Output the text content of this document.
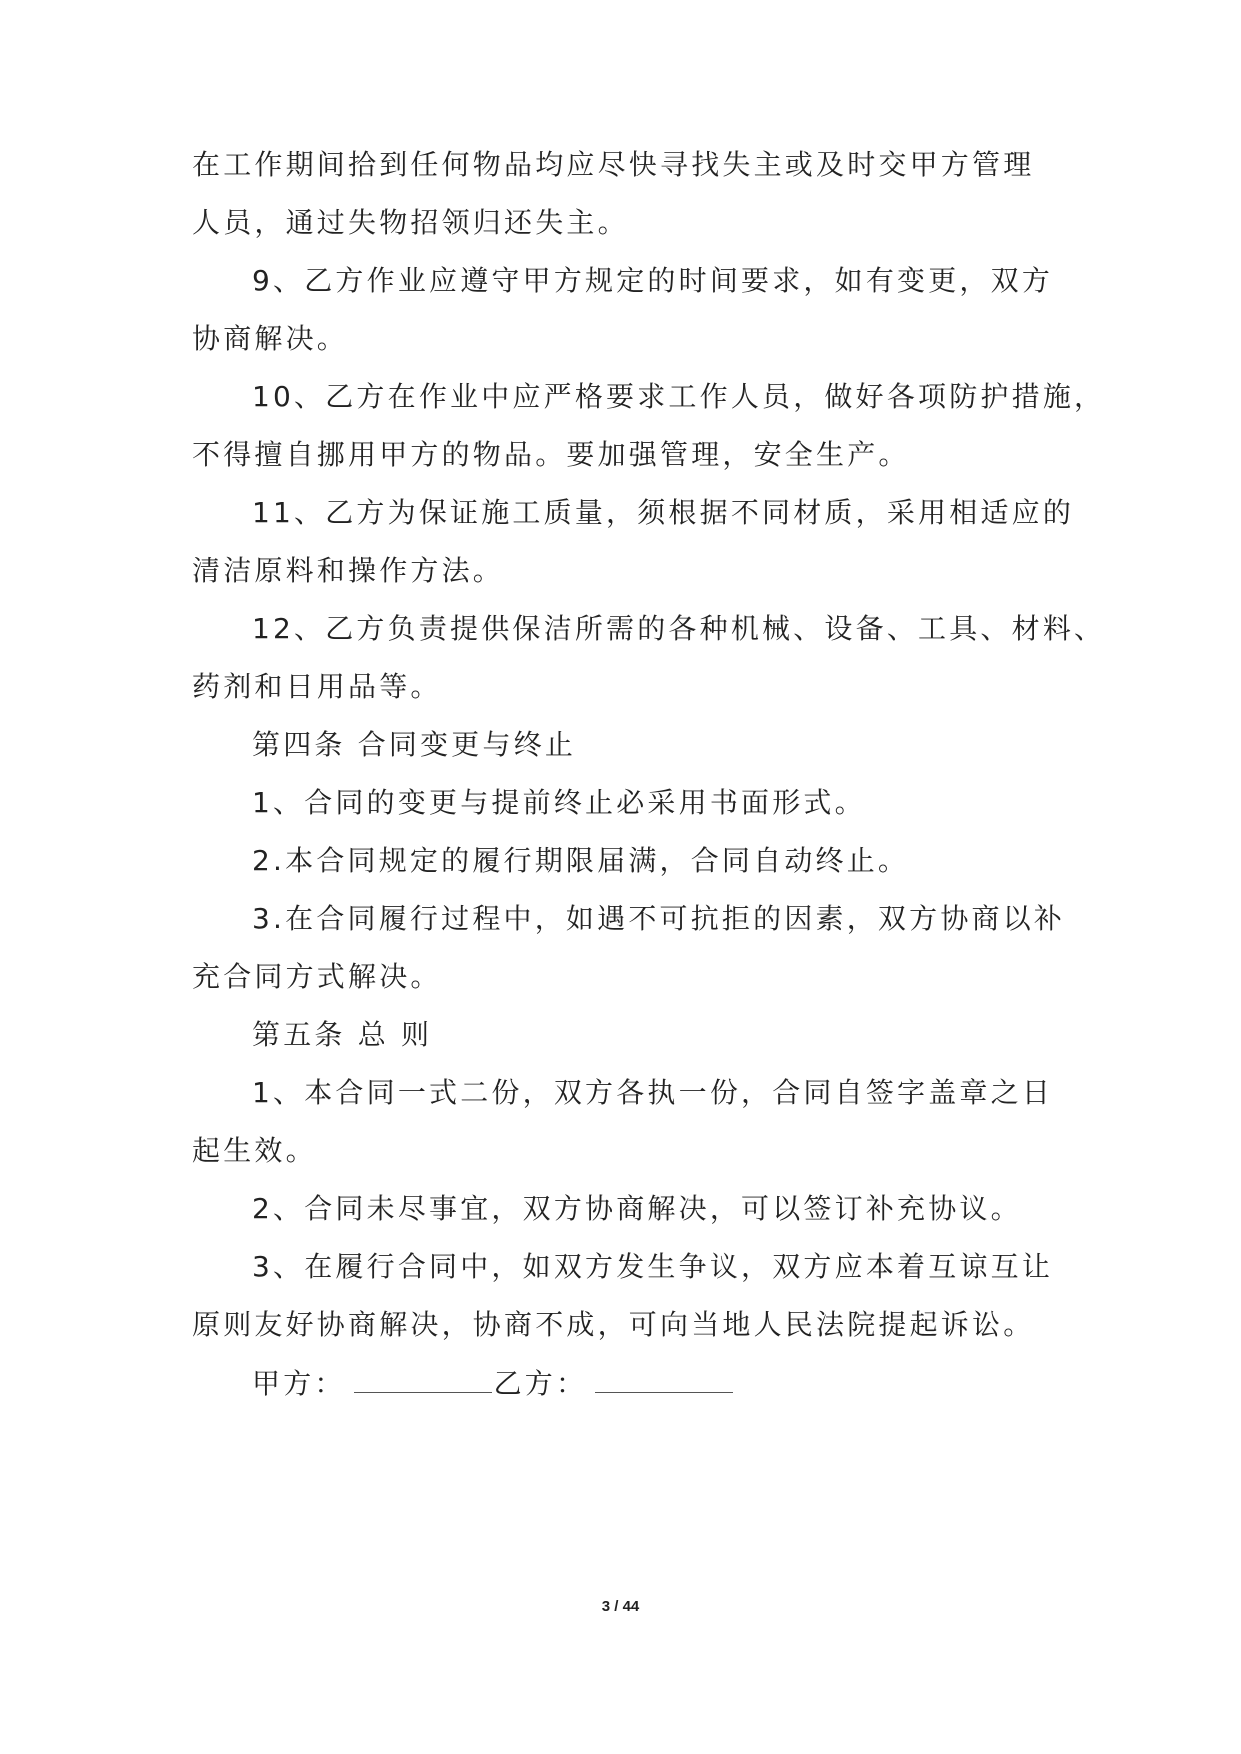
在工作期间拾到任何物品均应尽快寻找失主或及时交甲方管理
人员，通过失物招领归还失主。
9、乙方作业应遵守甲方规定的时间要求，如有变更，双方
协商解决。
10、乙方在作业中应严格要求工作人员，做好各项防护措施，
不得擅自挪用甲方的物品。要加强管理，安全生产。
11、乙方为保证施工质量，须根据不同材质，采用相适应的
清洁原料和操作方法。
12、乙方负责提供保洁所需的各种机械、设备、工具、材料、
药剂和日用品等。
第四条 合同变更与终止
1、合同的变更与提前终止必采用书面形式。
2.本合同规定的履行期限届满，合同自动终止。
3.在合同履行过程中，如遇不可抗拒的因素，双方协商以补
充合同方式解决。
第五条 总 则
1、本合同一式二份，双方各执一份，合同自签字盖章之日
起生效。
2、合同未尽事宜，双方协商解决，可以签订补充协议。
3、在履行合同中，如双方发生争议，双方应本着互谅互让
原则友好协商解决，协商不成，可向当地人民法院提起诉讼。
甲方：	乙方：
3 / 44
